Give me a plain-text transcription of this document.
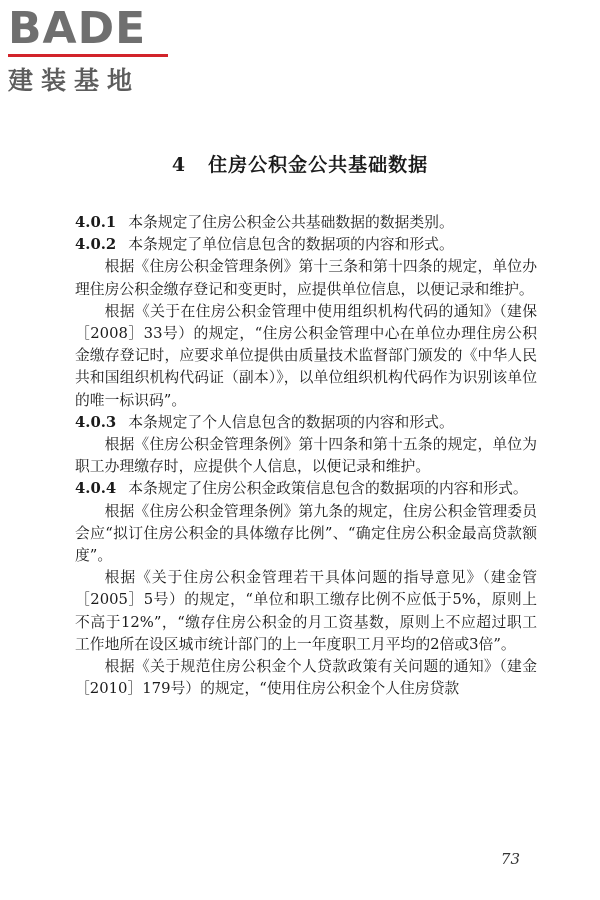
BADE
建装基地
4 住房公积金公共基础数据

4.0.1 本条规定了住房公积金公共基础数据的数据类别。

4.0.2 本条规定了单位信息包含的数据项的内容和形式。

根据《住房公积金管理条例》第十三条和第十四条的规定，单位办理住房公积金缴存登记和变更时，应提供单位信息，以便记录和维护。

根据《关于在住房公积金管理中使用组织机构代码的通知》（建保［2008］33号）的规定，“住房公积金管理中心在单位办理住房公积金缴存登记时，应要求单位提供由质量技术监督部门颁发的《中华人民共和国组织机构代码证（副本）》，以单位组织机构代码作为识别该单位的唯一标识码”。

4.0.3 本条规定了个人信息包含的数据项的内容和形式。

根据《住房公积金管理条例》第十四条和第十五条的规定，单位为职工办理缴存时，应提供个人信息，以便记录和维护。

4.0.4 本条规定了住房公积金政策信息包含的数据项的内容和形式。

根据《住房公积金管理条例》第九条的规定，住房公积金管理委员会应“拟订住房公积金的具体缴存比例”、“确定住房公积金最高贷款额度”。

根据《关于住房公积金管理若干具体问题的指导意见》（建金管［2005］5号）的规定，“单位和职工缴存比例不应低于5%，原则上不高于12%”，“缴存住房公积金的月工资基数，原则上不应超过职工工作地所在设区城市统计部门的上一年度职工月平均的2倍或3倍”。

根据《关于规范住房公积金个人贷款政策有关问题的通知》（建金［2010］179号）的规定，“使用住房公积金个人住房贷款

73
